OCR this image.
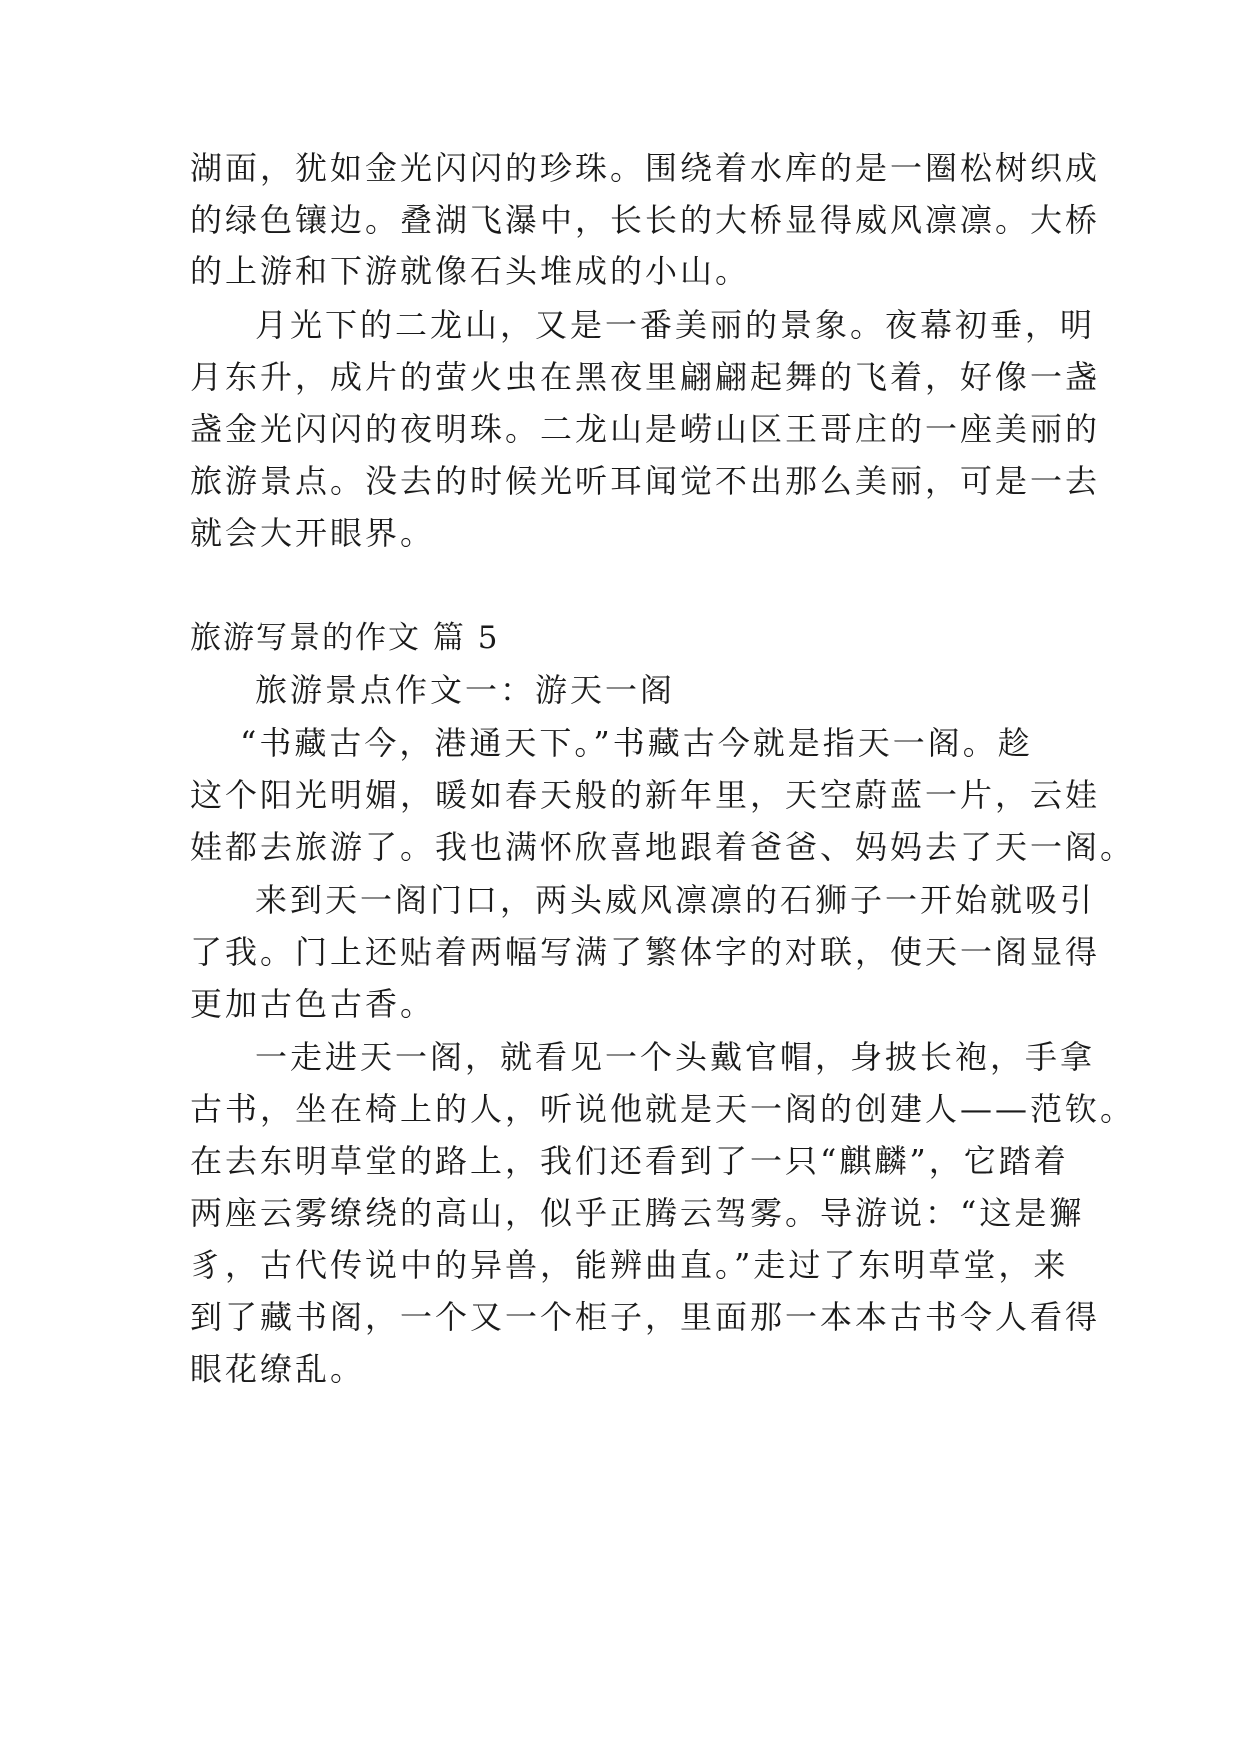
湖面，犹如金光闪闪的珍珠。围绕着水库的是一圈松树织成
的绿色镶边。叠湖飞瀑中，长长的大桥显得威风凛凛。大桥
的上游和下游就像石头堆成的小山。
月光下的二龙山，又是一番美丽的景象。夜幕初垂，明
月东升，成片的萤火虫在黑夜里翩翩起舞的飞着，好像一盏
盏金光闪闪的夜明珠。二龙山是崂山区王哥庄的一座美丽的
旅游景点。没去的时候光听耳闻觉不出那么美丽，可是一去
就会大开眼界。
旅游写景的作文 篇 5
旅游景点作文一：游天一阁
“书藏古今，港通天下。”书藏古今就是指天一阁。趁
这个阳光明媚，暖如春天般的新年里，天空蔚蓝一片，云娃
娃都去旅游了。我也满怀欣喜地跟着爸爸、妈妈去了天一阁。
来到天一阁门口，两头威风凛凛的石狮子一开始就吸引
了我。门上还贴着两幅写满了繁体字的对联，使天一阁显得
更加古色古香。
一走进天一阁，就看见一个头戴官帽，身披长袍，手拿
古书，坐在椅上的人，听说他就是天一阁的创建人——范钦。
在去东明草堂的路上，我们还看到了一只“麒麟”，它踏着
两座云雾缭绕的高山，似乎正腾云驾雾。导游说：“这是獬
豸，古代传说中的异兽，能辨曲直。”走过了东明草堂，来
到了藏书阁，一个又一个柜子，里面那一本本古书令人看得
眼花缭乱。
